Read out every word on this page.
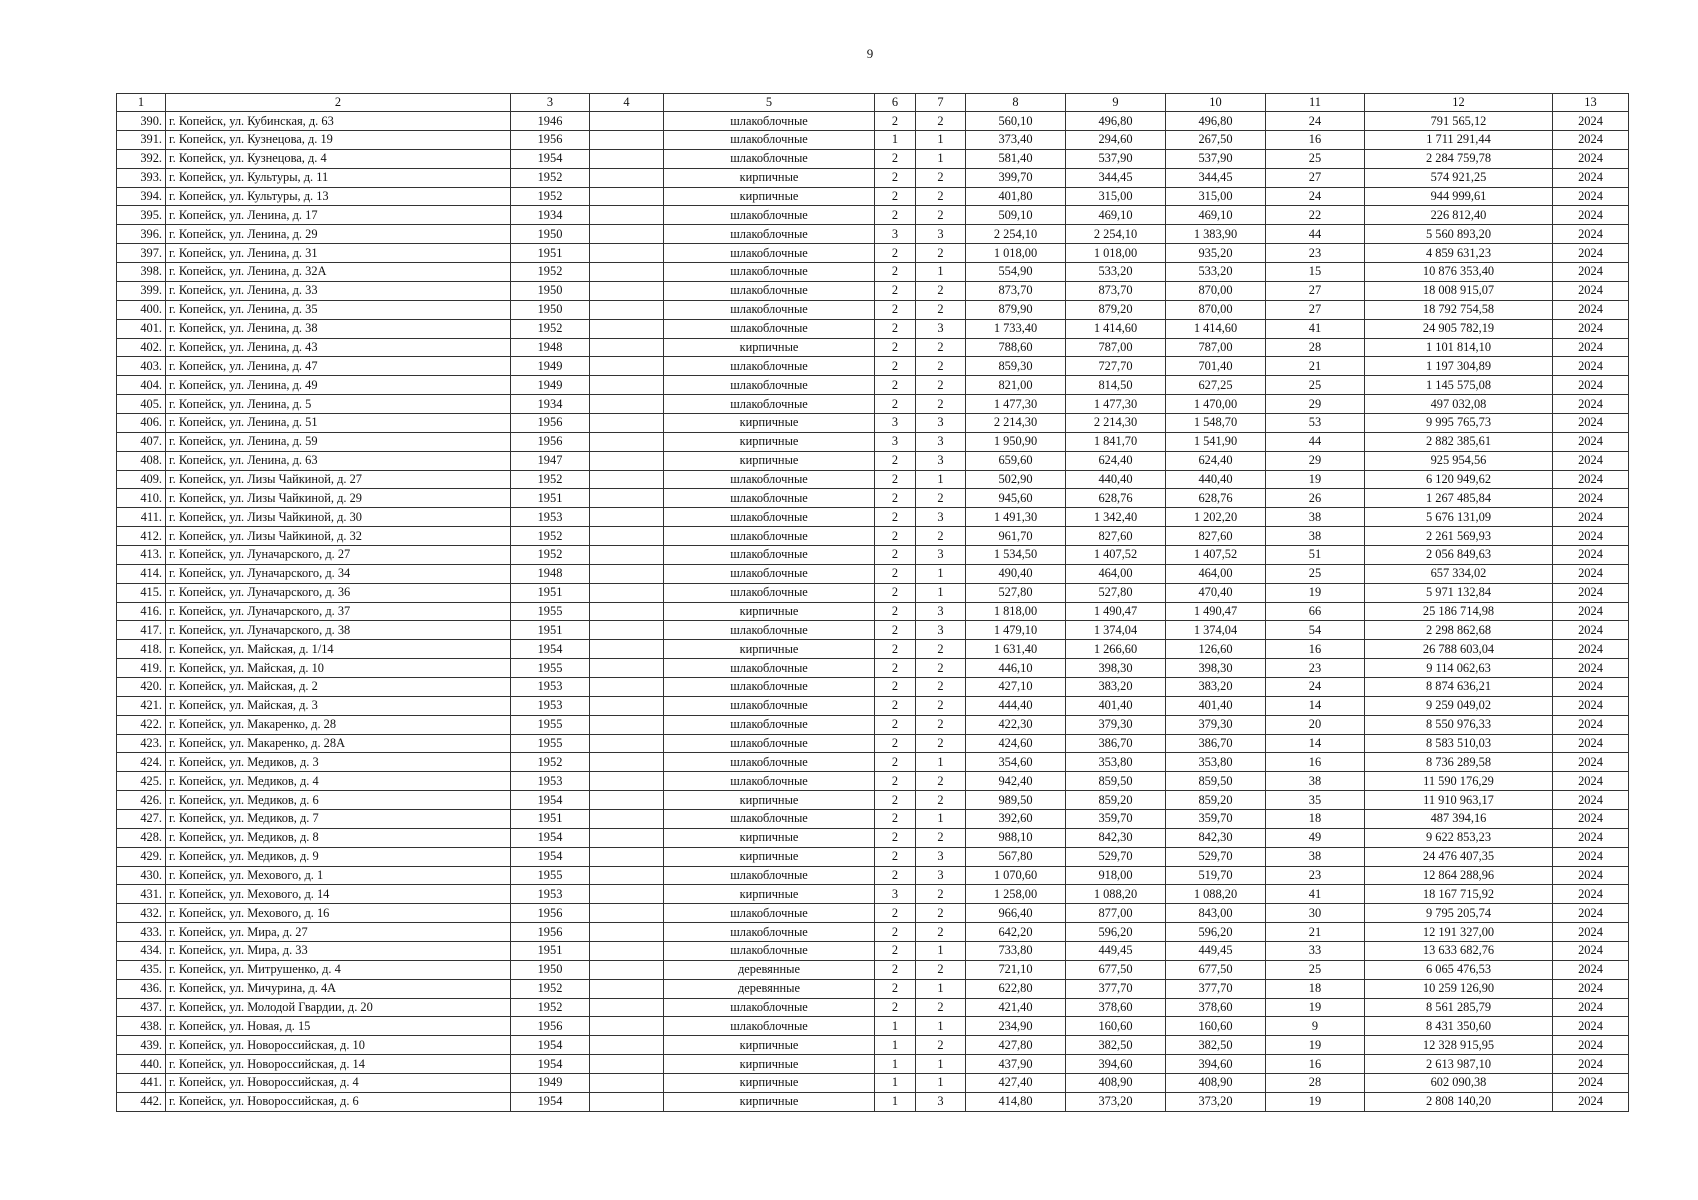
9
1	2	3	4	5	6	7	8	9	10	11	12	13
390.	г. Копейск, ул. Кубинская, д. 63	1946		шлакоблочные	2	2	560,10	496,80	496,80	24	791 565,12	2024
391.	г. Копейск, ул. Кузнецова, д. 19	1956		шлакоблочные	1	1	373,40	294,60	267,50	16	1 711 291,44	2024
392.	г. Копейск, ул. Кузнецова, д. 4	1954		шлакоблочные	2	1	581,40	537,90	537,90	25	2 284 759,78	2024
393.	г. Копейск, ул. Культуры, д. 11	1952		кирпичные	2	2	399,70	344,45	344,45	27	574 921,25	2024
394.	г. Копейск, ул. Культуры, д. 13	1952		кирпичные	2	2	401,80	315,00	315,00	24	944 999,61	2024
395.	г. Копейск, ул. Ленина, д. 17	1934		шлакоблочные	2	2	509,10	469,10	469,10	22	226 812,40	2024
396.	г. Копейск, ул. Ленина, д. 29	1950		шлакоблочные	3	3	2 254,10	2 254,10	1 383,90	44	5 560 893,20	2024
397.	г. Копейск, ул. Ленина, д. 31	1951		шлакоблочные	2	2	1 018,00	1 018,00	935,20	23	4 859 631,23	2024
398.	г. Копейск, ул. Ленина, д. 32А	1952		шлакоблочные	2	1	554,90	533,20	533,20	15	10 876 353,40	2024
399.	г. Копейск, ул. Ленина, д. 33	1950		шлакоблочные	2	2	873,70	873,70	870,00	27	18 008 915,07	2024
400.	г. Копейск, ул. Ленина, д. 35	1950		шлакоблочные	2	2	879,90	879,20	870,00	27	18 792 754,58	2024
401.	г. Копейск, ул. Ленина, д. 38	1952		шлакоблочные	2	3	1 733,40	1 414,60	1 414,60	41	24 905 782,19	2024
402.	г. Копейск, ул. Ленина, д. 43	1948		кирпичные	2	2	788,60	787,00	787,00	28	1 101 814,10	2024
403.	г. Копейск, ул. Ленина, д. 47	1949		шлакоблочные	2	2	859,30	727,70	701,40	21	1 197 304,89	2024
404.	г. Копейск, ул. Ленина, д. 49	1949		шлакоблочные	2	2	821,00	814,50	627,25	25	1 145 575,08	2024
405.	г. Копейск, ул. Ленина, д. 5	1934		шлакоблочные	2	2	1 477,30	1 477,30	1 470,00	29	497 032,08	2024
406.	г. Копейск, ул. Ленина, д. 51	1956		кирпичные	3	3	2 214,30	2 214,30	1 548,70	53	9 995 765,73	2024
407.	г. Копейск, ул. Ленина, д. 59	1956		кирпичные	3	3	1 950,90	1 841,70	1 541,90	44	2 882 385,61	2024
408.	г. Копейск, ул. Ленина, д. 63	1947		кирпичные	2	3	659,60	624,40	624,40	29	925 954,56	2024
409.	г. Копейск, ул. Лизы Чайкиной, д. 27	1952		шлакоблочные	2	1	502,90	440,40	440,40	19	6 120 949,62	2024
410.	г. Копейск, ул. Лизы Чайкиной, д. 29	1951		шлакоблочные	2	2	945,60	628,76	628,76	26	1 267 485,84	2024
411.	г. Копейск, ул. Лизы Чайкиной, д. 30	1953		шлакоблочные	2	3	1 491,30	1 342,40	1 202,20	38	5 676 131,09	2024
412.	г. Копейск, ул. Лизы Чайкиной, д. 32	1952		шлакоблочные	2	2	961,70	827,60	827,60	38	2 261 569,93	2024
413.	г. Копейск, ул. Луначарского, д. 27	1952		шлакоблочные	2	3	1 534,50	1 407,52	1 407,52	51	2 056 849,63	2024
414.	г. Копейск, ул. Луначарского, д. 34	1948		шлакоблочные	2	1	490,40	464,00	464,00	25	657 334,02	2024
415.	г. Копейск, ул. Луначарского, д. 36	1951		шлакоблочные	2	1	527,80	527,80	470,40	19	5 971 132,84	2024
416.	г. Копейск, ул. Луначарского, д. 37	1955		кирпичные	2	3	1 818,00	1 490,47	1 490,47	66	25 186 714,98	2024
417.	г. Копейск, ул. Луначарского, д. 38	1951		шлакоблочные	2	3	1 479,10	1 374,04	1 374,04	54	2 298 862,68	2024
418.	г. Копейск, ул. Майская, д. 1/14	1954		кирпичные	2	2	1 631,40	1 266,60	126,60	16	26 788 603,04	2024
419.	г. Копейск, ул. Майская, д. 10	1955		шлакоблочные	2	2	446,10	398,30	398,30	23	9 114 062,63	2024
420.	г. Копейск, ул. Майская, д. 2	1953		шлакоблочные	2	2	427,10	383,20	383,20	24	8 874 636,21	2024
421.	г. Копейск, ул. Майская, д. 3	1953		шлакоблочные	2	2	444,40	401,40	401,40	14	9 259 049,02	2024
422.	г. Копейск, ул. Макаренко, д. 28	1955		шлакоблочные	2	2	422,30	379,30	379,30	20	8 550 976,33	2024
423.	г. Копейск, ул. Макаренко, д. 28А	1955		шлакоблочные	2	2	424,60	386,70	386,70	14	8 583 510,03	2024
424.	г. Копейск, ул. Медиков, д. 3	1952		шлакоблочные	2	1	354,60	353,80	353,80	16	8 736 289,58	2024
425.	г. Копейск, ул. Медиков, д. 4	1953		шлакоблочные	2	2	942,40	859,50	859,50	38	11 590 176,29	2024
426.	г. Копейск, ул. Медиков, д. 6	1954		кирпичные	2	2	989,50	859,20	859,20	35	11 910 963,17	2024
427.	г. Копейск, ул. Медиков, д. 7	1951		шлакоблочные	2	1	392,60	359,70	359,70	18	487 394,16	2024
428.	г. Копейск, ул. Медиков, д. 8	1954		кирпичные	2	2	988,10	842,30	842,30	49	9 622 853,23	2024
429.	г. Копейск, ул. Медиков, д. 9	1954		кирпичные	2	3	567,80	529,70	529,70	38	24 476 407,35	2024
430.	г. Копейск, ул. Мехового, д. 1	1955		шлакоблочные	2	3	1 070,60	918,00	519,70	23	12 864 288,96	2024
431.	г. Копейск, ул. Мехового, д. 14	1953		кирпичные	3	2	1 258,00	1 088,20	1 088,20	41	18 167 715,92	2024
432.	г. Копейск, ул. Мехового, д. 16	1956		шлакоблочные	2	2	966,40	877,00	843,00	30	9 795 205,74	2024
433.	г. Копейск, ул. Мира, д. 27	1956		шлакоблочные	2	2	642,20	596,20	596,20	21	12 191 327,00	2024
434.	г. Копейск, ул. Мира, д. 33	1951		шлакоблочные	2	1	733,80	449,45	449,45	33	13 633 682,76	2024
435.	г. Копейск, ул. Митрушенко, д. 4	1950		деревянные	2	2	721,10	677,50	677,50	25	6 065 476,53	2024
436.	г. Копейск, ул. Мичурина, д. 4А	1952		деревянные	2	1	622,80	377,70	377,70	18	10 259 126,90	2024
437.	г. Копейск, ул. Молодой Гвардии, д. 20	1952		шлакоблочные	2	2	421,40	378,60	378,60	19	8 561 285,79	2024
438.	г. Копейск, ул. Новая, д. 15	1956		шлакоблочные	1	1	234,90	160,60	160,60	9	8 431 350,60	2024
439.	г. Копейск, ул. Новороссийская, д. 10	1954		кирпичные	1	2	427,80	382,50	382,50	19	12 328 915,95	2024
440.	г. Копейск, ул. Новороссийская, д. 14	1954		кирпичные	1	1	437,90	394,60	394,60	16	2 613 987,10	2024
441.	г. Копейск, ул. Новороссийская, д. 4	1949		кирпичные	1	1	427,40	408,90	408,90	28	602 090,38	2024
442.	г. Копейск, ул. Новороссийская, д. 6	1954		кирпичные	1	3	414,80	373,20	373,20	19	2 808 140,20	2024
